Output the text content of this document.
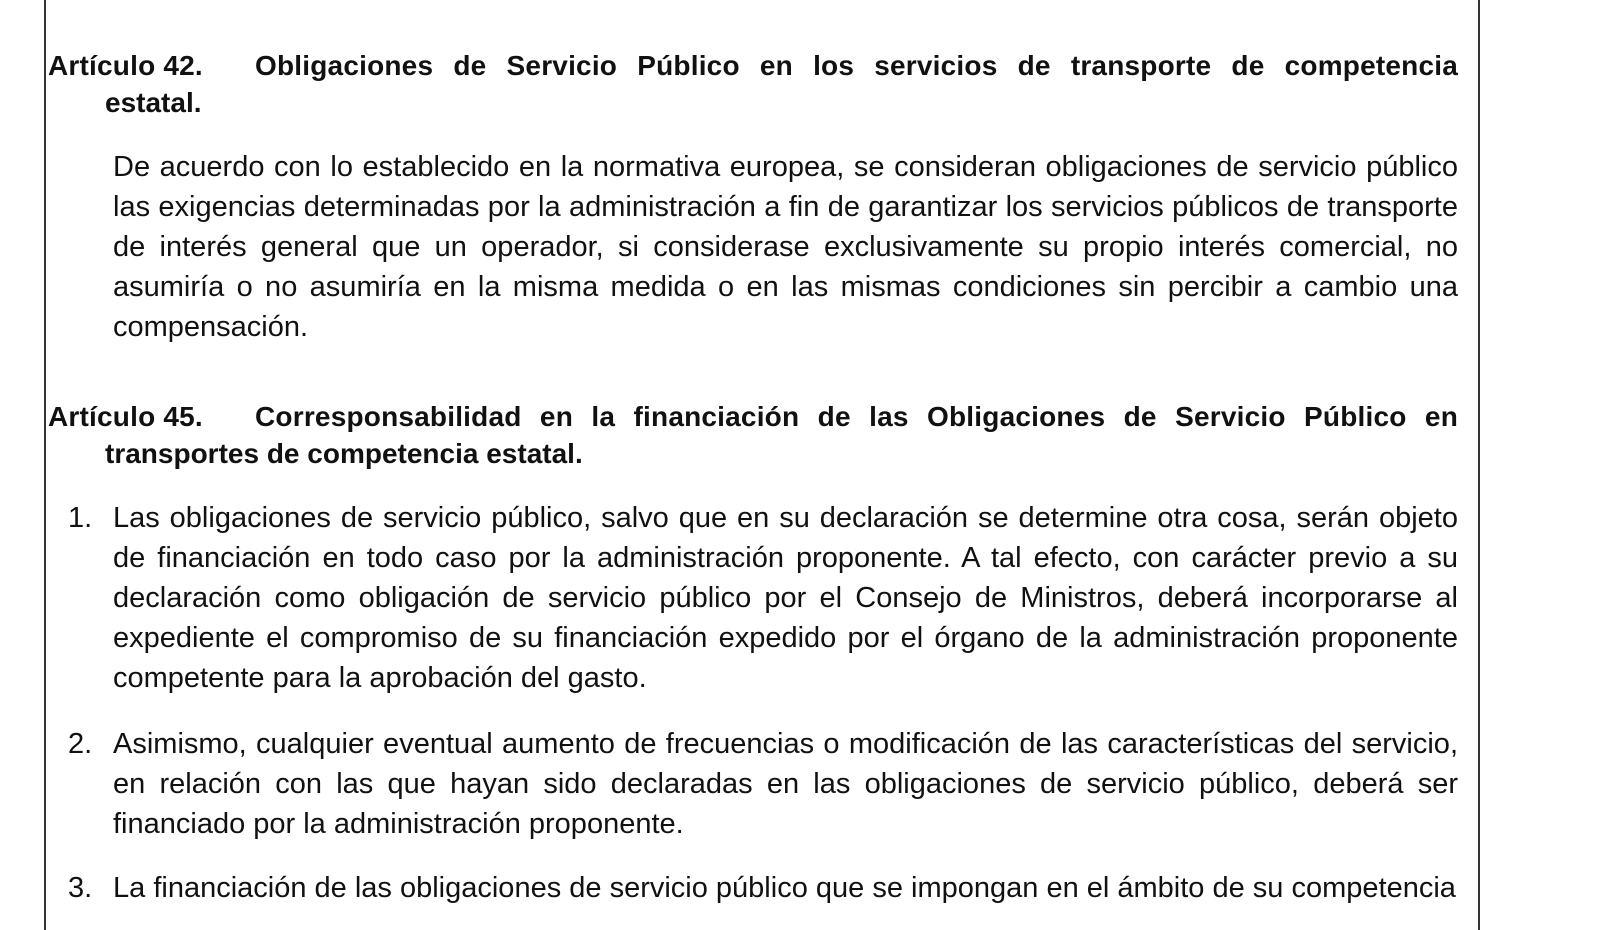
Artículo 42. Obligaciones de Servicio Público en los servicios de transporte de competencia
estatal.
De acuerdo con lo establecido en la normativa europea, se consideran obligaciones de servicio público las exigencias determinadas por la administración a fin de garantizar los servicios públicos de transporte de interés general que un operador, si considerase exclusivamente su propio interés comercial, no asumiría o no asumiría en la misma medida o en las mismas condiciones sin percibir a cambio una compensación.
Artículo 45. Corresponsabilidad en la financiación de las Obligaciones de Servicio Público en
transportes de competencia estatal.
1. Las obligaciones de servicio público, salvo que en su declaración se determine otra cosa, serán objeto de financiación en todo caso por la administración proponente. A tal efecto, con carácter previo a su declaración como obligación de servicio público por el Consejo de Ministros, deberá incorporarse al expediente el compromiso de su financiación expedido por el órgano de la administración proponente competente para la aprobación del gasto.
2. Asimismo, cualquier eventual aumento de frecuencias o modificación de las características del servicio, en relación con las que hayan sido declaradas en las obligaciones de servicio público, deberá ser financiado por la administración proponente.
3. La financiación de las obligaciones de servicio público que se impongan en el ámbito de su competencia
